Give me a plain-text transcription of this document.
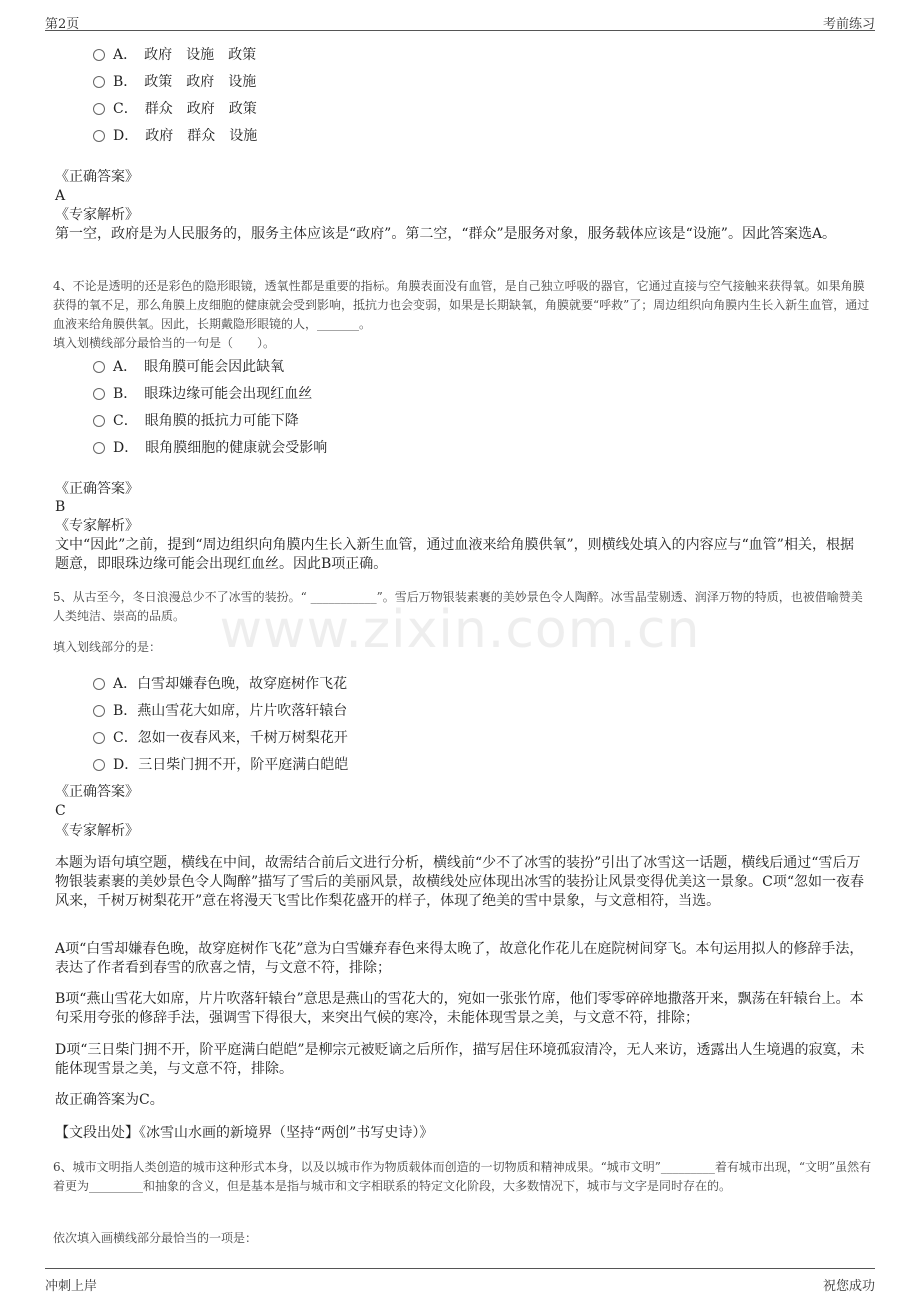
第2页	考前练习
www.zixin.com.cn
A．　政府　设施　政策
B．　政策　政府　设施
C．　群众　政府　政策
D．　政府　群众　设施
《正确答案》
A
《专家解析》
第一空，政府是为人民服务的，服务主体应该是“政府”。第二空，“群众”是服务对象，服务载体应该是“设施”。因此答案选A。
4、不论是透明的还是彩色的隐形眼镜，透氧性都是重要的指标。角膜表面没有血管，是自己独立呼吸的器官，它通过直接与空气接触来获得氧。如果角膜获得的氧不足，那么角膜上皮细胞的健康就会受到影响，抵抗力也会变弱，如果是长期缺氧，角膜就要“呼救”了；周边组织向角膜内生长入新生血管，通过血液来给角膜供氧。因此，长期戴隐形眼镜的人，_______。
填入划横线部分最恰当的一句是（　　）。
A．　眼角膜可能会因此缺氧
B．　眼珠边缘可能会出现红血丝
C．　眼角膜的抵抗力可能下降
D．　眼角膜细胞的健康就会受影响
《正确答案》
B
《专家解析》
文中“因此”之前，提到“周边组织向角膜内生长入新生血管，通过血液来给角膜供氧”，则横线处填入的内容应与“血管”相关，根据题意，即眼珠边缘可能会出现红血丝。因此B项正确。
5、从古至今，冬日浪漫总少不了冰雪的装扮。“ ___________”。雪后万物银装素裹的美妙景色令人陶醉。冰雪晶莹剔透、润泽万物的特质，也被借喻赞美人类纯洁、崇高的品质。
填入划线部分的是：
A．白雪却嫌春色晚，故穿庭树作飞花
B．燕山雪花大如席，片片吹落轩辕台
C．忽如一夜春风来，千树万树梨花开
D．三日柴门拥不开，阶平庭满白皑皑
《正确答案》
C
《专家解析》
本题为语句填空题，横线在中间，故需结合前后文进行分析，横线前“少不了冰雪的装扮”引出了冰雪这一话题，横线后通过“雪后万物银装素裹的美妙景色令人陶醉”描写了雪后的美丽风景，故横线处应体现出冰雪的装扮让风景变得优美这一景象。C项“忽如一夜春风来，千树万树梨花开”意在将漫天飞雪比作梨花盛开的样子，体现了绝美的雪中景象，与文意相符，当选。
A项“白雪却嫌春色晚，故穿庭树作飞花”意为白雪嫌弃春色来得太晚了，故意化作花儿在庭院树间穿飞。本句运用拟人的修辞手法，表达了作者看到春雪的欣喜之情，与文意不符，排除；
B项“燕山雪花大如席，片片吹落轩辕台”意思是燕山的雪花大的，宛如一张张竹席，他们零零碎碎地撒落开来，飘荡在轩辕台上。本句采用夸张的修辞手法，强调雪下得很大，来突出气候的寒冷，未能体现雪景之美，与文意不符，排除；
D项“三日柴门拥不开，阶平庭满白皑皑”是柳宗元被贬谪之后所作，描写居住环境孤寂清冷，无人来访，透露出人生境遇的寂寞，未能体现雪景之美，与文意不符，排除。
故正确答案为C。
【文段出处】《冰雪山水画的新境界（坚持“两创”书写史诗）》
6、城市文明指人类创造的城市这种形式本身，以及以城市作为物质载体而创造的一切物质和精神成果。“城市文明”_________着有城市出现，“文明”虽然有着更为_________和抽象的含义，但是基本是指与城市和文字相联系的特定文化阶段，大多数情况下，城市与文字是同时存在的。
依次填入画横线部分最恰当的一项是：
冲刺上岸	祝您成功
